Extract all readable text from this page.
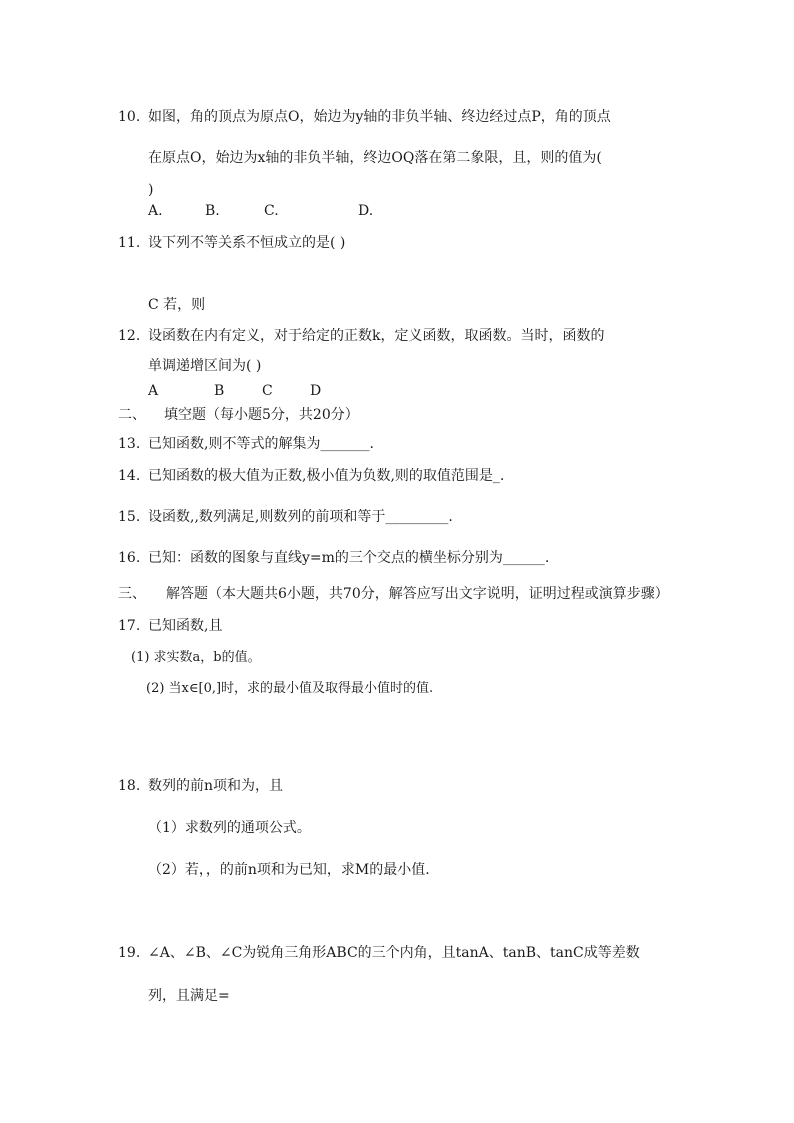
10. 如图，角的顶点为原点O，始边为y轴的非负半轴、终边经过点P，角的顶点
在原点O，始边为x轴的非负半轴，终边OQ落在第二象限，且，则的值为(
)
A.	B.	C.	D.
11. 设下列不等关系不恒成立的是( )
C 若，则
12. 设函数在内有定义，对于给定的正数k，定义函数，取函数。当时，函数的
单调递增区间为( )
A	B	C	D
二、 填空题（每小题5分，共20分）
13. 已知函数,则不等式的解集为_______.
14. 已知函数的极大值为正数,极小值为负数,则的取值范围是_.
15. 设函数,,数列满足,则数列的前项和等于_________.
16. 已知：函数的图象与直线y=m的三个交点的横坐标分别为______.
三、 解答题（本大题共6小题，共70分，解答应写出文字说明，证明过程或演算步骤）
17. 已知函数,且
(1) 求实数a，b的值。
(2) 当x∈[0,]时，求的最小值及取得最小值时的值.
18. 数列的前n项和为，且
（1）求数列的通项公式。
（2）若，，的前n项和为已知，求M的最小值.
19. ∠A、∠B、∠C为锐角三角形ABC的三个内角，且tanA、tanB、tanC成等差数
列，且满足=
